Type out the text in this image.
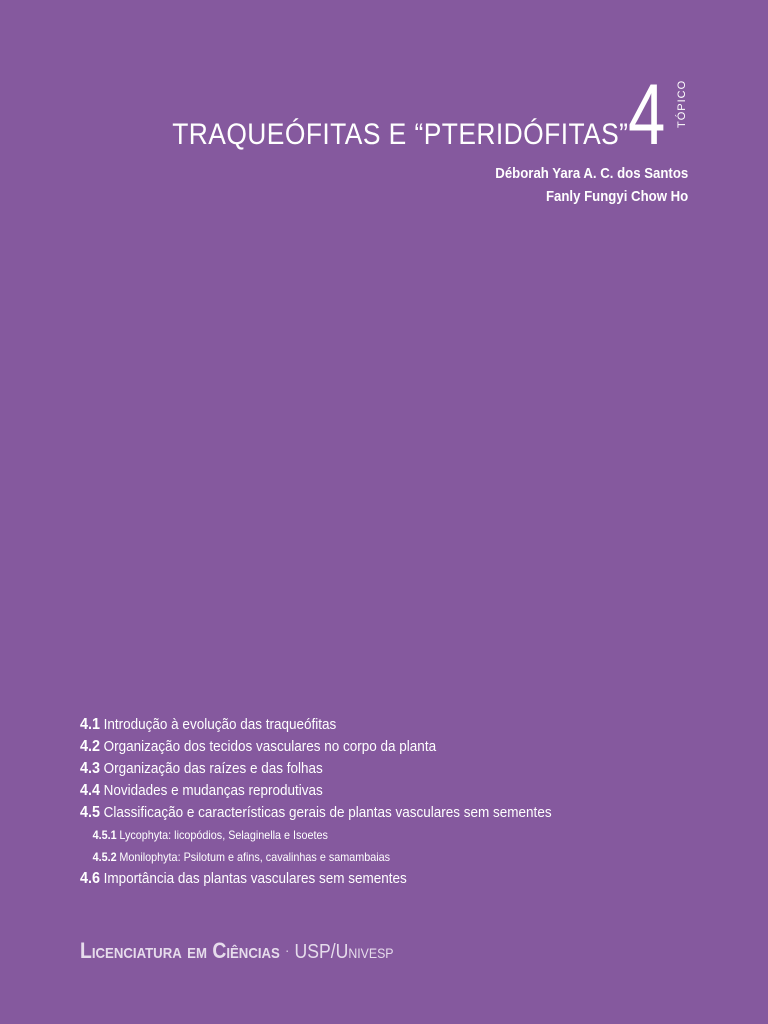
TRAQUEÓFITAS E “PTERIDÓFITAS” 4 TÓPICO
Déborah Yara A. C. dos Santos
Fanly Fungyi Chow Ho
4.1 Introdução à evolução das traqueófitas
4.2 Organização dos tecidos vasculares no corpo da planta
4.3 Organização das raízes e das folhas
4.4 Novidades e mudanças reprodutivas
4.5 Classificação e características gerais de plantas vasculares sem sementes
4.5.1 Lycophyta: licopódios, Selaginella e Isoetes
4.5.2 Monilophyta: Psilotum e afins, cavalinhas e samambaias
4.6 Importância das plantas vasculares sem sementes
Licenciatura em Ciências · USP/Univesp
